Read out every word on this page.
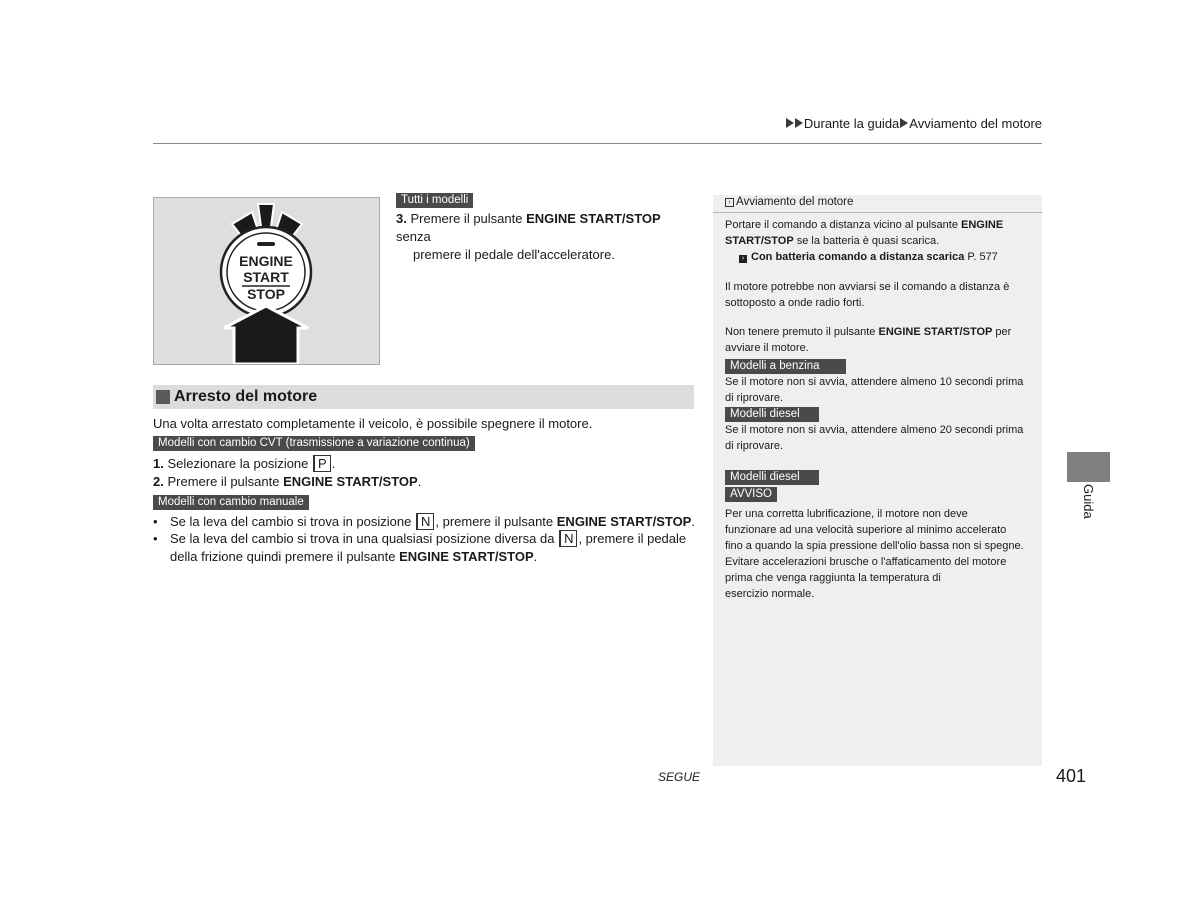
Durante la guida Avviamento del motore
ENGINE
START
STOP
Tutti i modelli
3. Premere il pulsante ENGINE START/STOP senza
premere il pedale dell'acceleratore.
Arresto del motore
Una volta arrestato completamente il veicolo, è possibile spegnere il motore.
Modelli con cambio CVT (trasmissione a variazione continua)
1. Selezionare la posizione P .
2. Premere il pulsante ENGINE START/STOP.
Modelli con cambio manuale
• Se la leva del cambio si trova in posizione N , premere il pulsante ENGINE START/STOP.
• Se la leva del cambio si trova in una qualsiasi posizione diversa da N , premere il pedale
della frizione quindi premere il pulsante ENGINE START/STOP.
› Avviamento del motore
Portare il comando a distanza vicino al pulsante ENGINE
START/STOP se la batteria è quasi scarica.
› Con batteria comando a distanza scarica P. 577
Il motore potrebbe non avviarsi se il comando a distanza è
sottoposto a onde radio forti.
Non tenere premuto il pulsante ENGINE START/STOP per
avviare il motore.
Modelli a benzina
Se il motore non si avvia, attendere almeno 10 secondi prima
di riprovare.
Modelli diesel
Se il motore non si avvia, attendere almeno 20 secondi prima
di riprovare.
Modelli diesel
AVVISO
Per una corretta lubrificazione, il motore non deve
funzionare ad una velocità superiore al minimo accelerato
fino a quando la spia pressione dell'olio bassa non si spegne.
Evitare accelerazioni brusche o l'affaticamento del motore
prima che venga raggiunta la temperatura di
esercizio normale.
Guida
SEGUE	401
